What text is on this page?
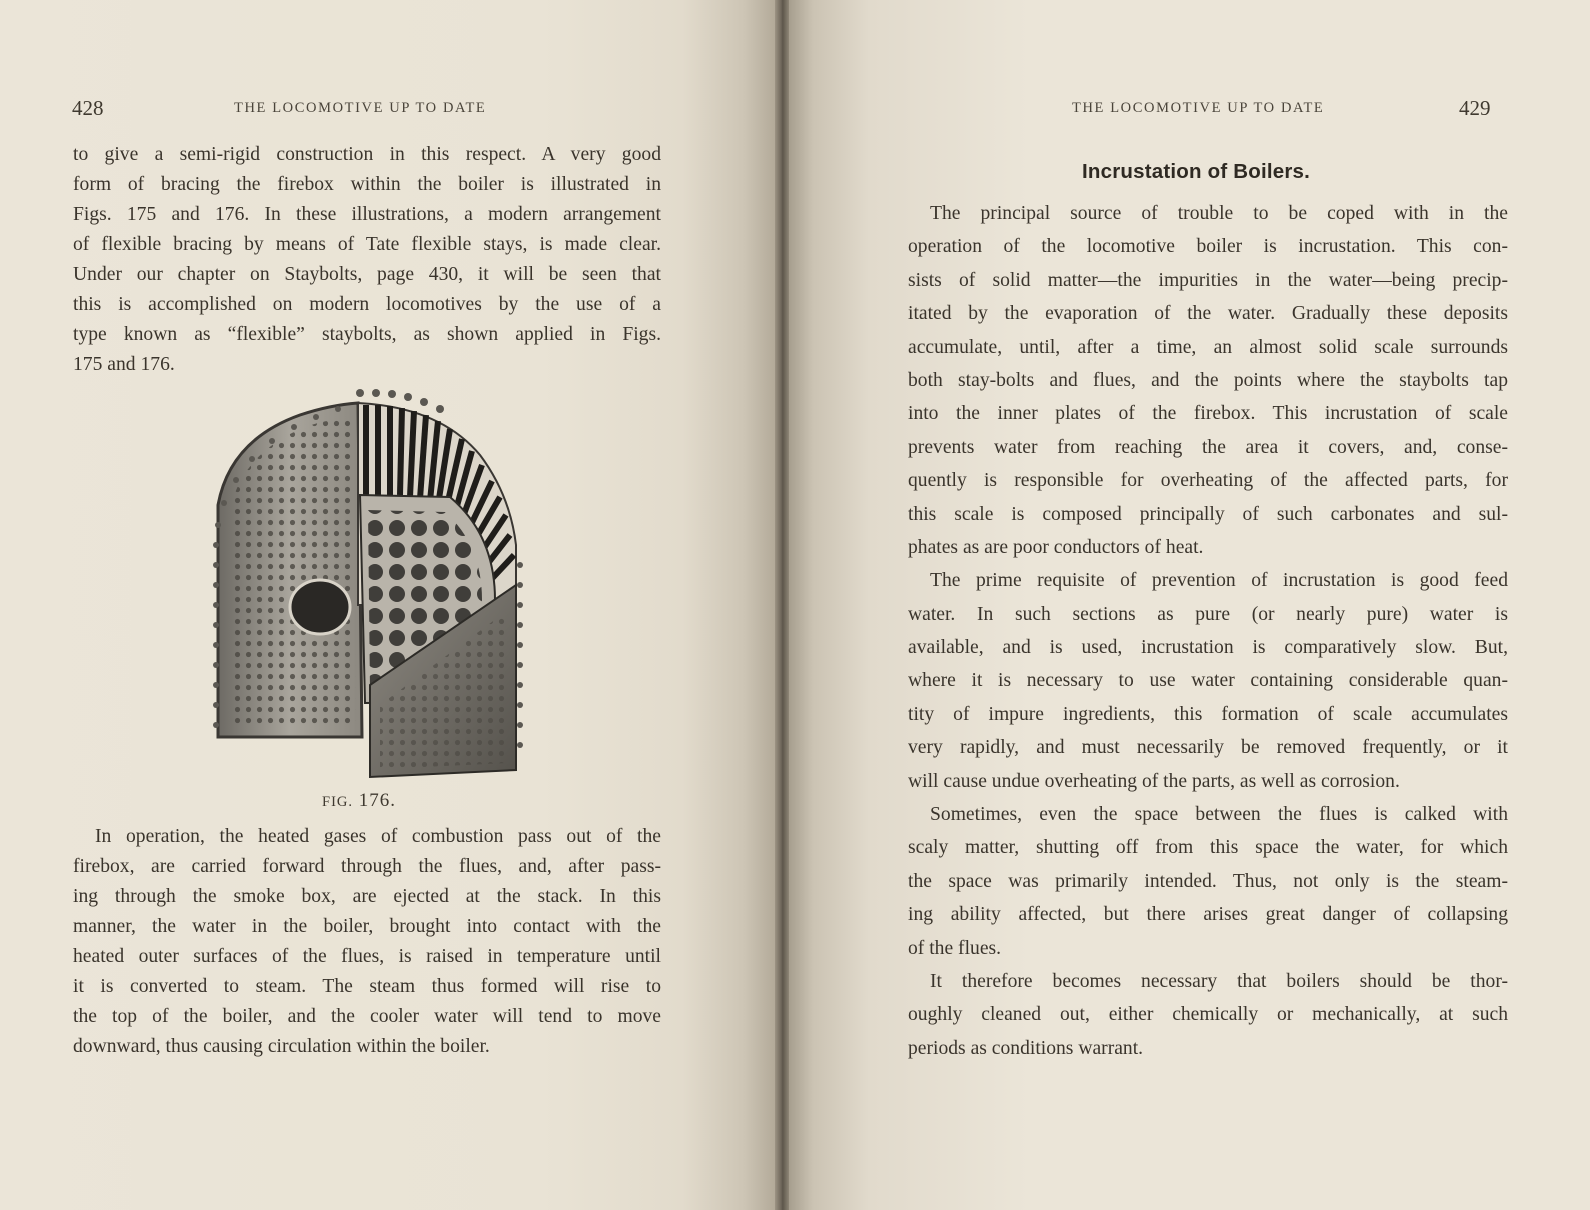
428	THE LOCOMOTIVE UP TO DATE
to give a semi-rigid construction in this respect. A very good
form of bracing the firebox within the boiler is illustrated in
Figs. 175 and 176. In these illustrations, a modern arrangement
of flexible bracing by means of Tate flexible stays, is made clear.
Under our chapter on Staybolts, page 430, it will be seen that
this is accomplished on modern locomotives by the use of a
type known as “flexible” staybolts, as shown applied in Figs.
175 and 176.
FIG. 176.
In operation, the heated gases of combustion pass out of the
firebox, are carried forward through the flues, and, after pass-
ing through the smoke box, are ejected at the stack. In this
manner, the water in the boiler, brought into contact with the
heated outer surfaces of the flues, is raised in temperature until
it is converted to steam. The steam thus formed will rise to
the top of the boiler, and the cooler water will tend to move
downward, thus causing circulation within the boiler.
THE LOCOMOTIVE UP TO DATE	429
Incrustation of Boilers.

The principal source of trouble to be coped with in the
operation of the locomotive boiler is incrustation. This con-
sists of solid matter—the impurities in the water—being precip-
itated by the evaporation of the water. Gradually these deposits
accumulate, until, after a time, an almost solid scale surrounds
both stay-bolts and flues, and the points where the staybolts tap
into the inner plates of the firebox. This incrustation of scale
prevents water from reaching the area it covers, and, conse-
quently is responsible for overheating of the affected parts, for
this scale is composed principally of such carbonates and sul-
phates as are poor conductors of heat.

The prime requisite of prevention of incrustation is good feed
water. In such sections as pure (or nearly pure) water is
available, and is used, incrustation is comparatively slow. But,
where it is necessary to use water containing considerable quan-
tity of impure ingredients, this formation of scale accumulates
very rapidly, and must necessarily be removed frequently, or it
will cause undue overheating of the parts, as well as corrosion.

Sometimes, even the space between the flues is calked with
scaly matter, shutting off from this space the water, for which
the space was primarily intended. Thus, not only is the steam-
ing ability affected, but there arises great danger of collapsing
of the flues.

It therefore becomes necessary that boilers should be thor-
oughly cleaned out, either chemically or mechanically, at such
periods as conditions warrant.
